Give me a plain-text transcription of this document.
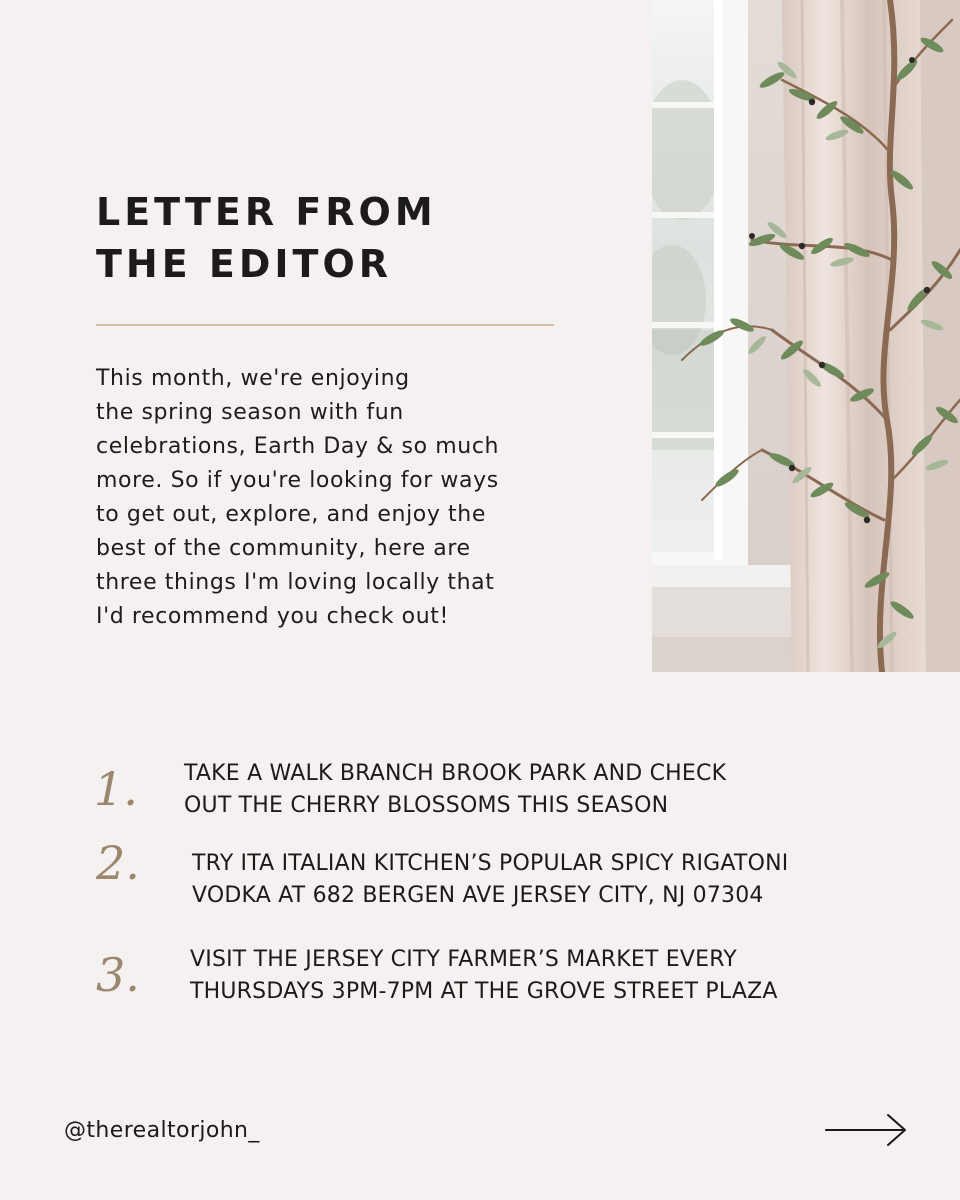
LETTER FROM
THE EDITOR

This month, we're enjoying
the spring season with fun
celebrations, Earth Day & so much
more. So if you're looking for ways
to get out, explore, and enjoy the
best of the community, here are
three things I'm loving locally that
I'd recommend you check out!

1. TAKE A WALK BRANCH BROOK PARK AND CHECK
OUT THE CHERRY BLOSSOMS THIS SEASON
2. TRY ITA ITALIAN KITCHEN’S POPULAR SPICY RIGATONI
VODKA AT 682 BERGEN AVE JERSEY CITY, NJ 07304
3. VISIT THE JERSEY CITY FARMER’S MARKET EVERY
THURSDAYS 3PM-7PM AT THE GROVE STREET PLAZA
@therealtorjohn_
